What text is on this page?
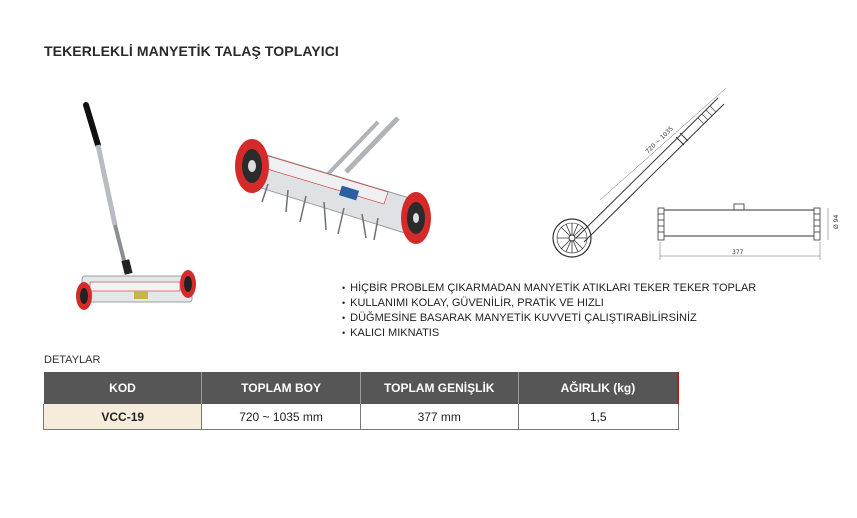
TEKERLEKLİ MANYETİK TALAŞ TOPLAYICI
720 ~ 1035
377
Ø 94
• HİÇBİR PROBLEM ÇIKARMADAN MANYETİK ATIKLARI TEKER TEKER TOPLAR
• KULLANIMI KOLAY, GÜVENİLİR, PRATİK VE HIZLI
• DÜĞMESİNE BASARAK MANYETİK KUVVETİ ÇALIŞTIRABİLİRSİNİZ
• KALICI MIKNATIS
DETAYLAR
KOD	TOPLAM BOY	TOPLAM GENİŞLİK	AĞIRLIK (kg)
VCC-19	720 ~ 1035 mm	377 mm	1,5
